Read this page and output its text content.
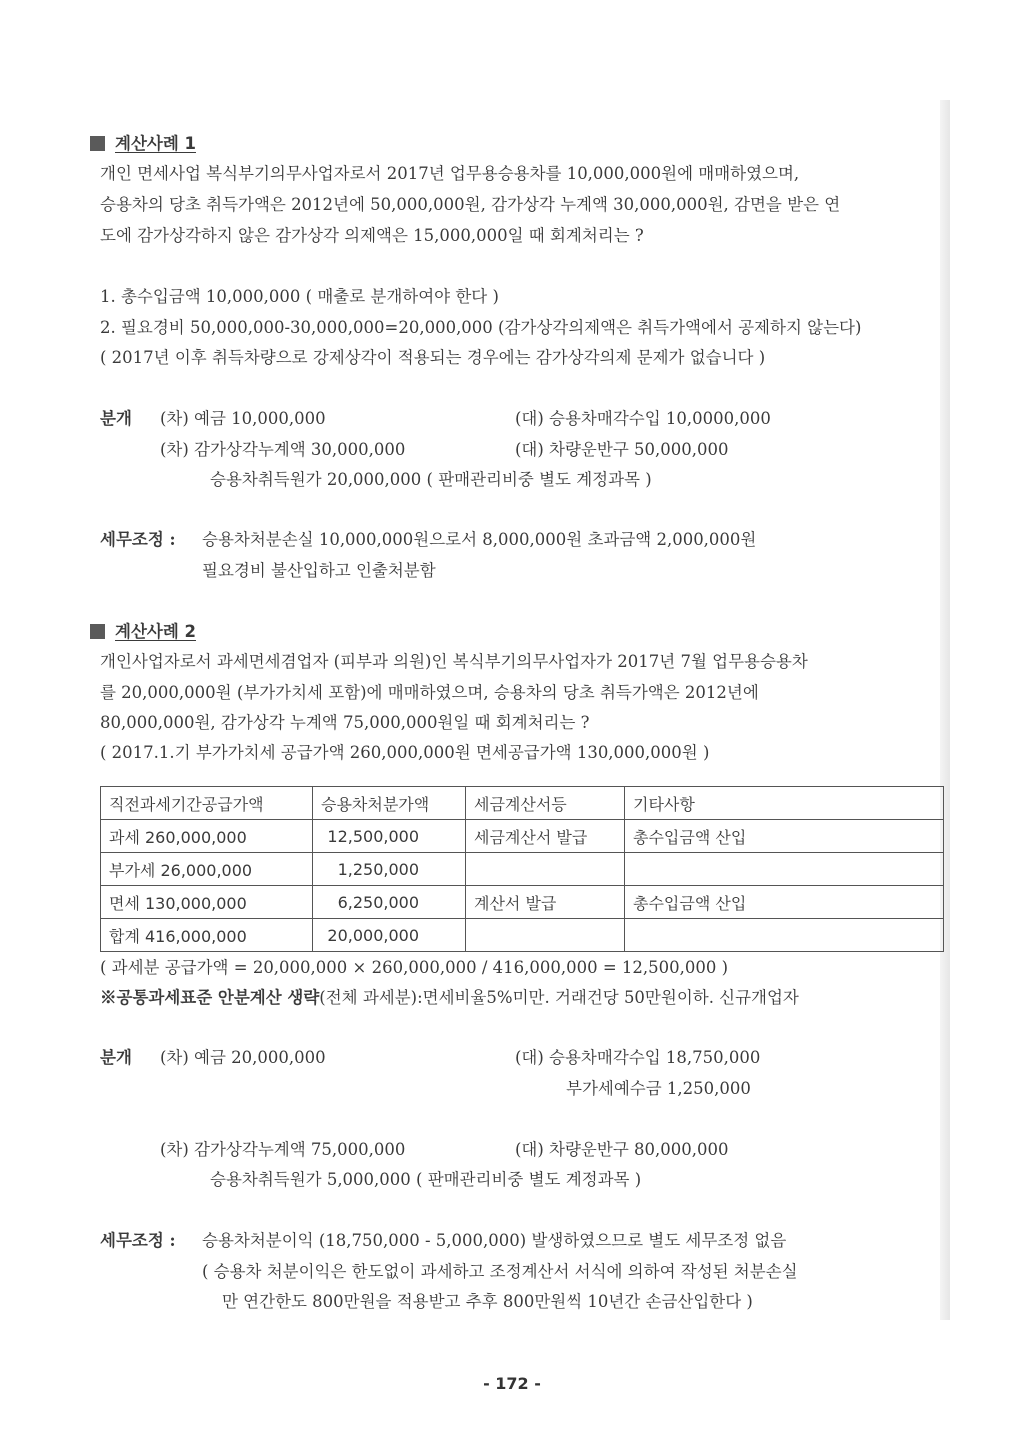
계산사례 1
개인 면세사업 복식부기의무사업자로서 2017년 업무용승용차를 10,000,000원에 매매하였으며,
승용차의 당초 취득가액은 2012년에 50,000,000원, 감가상각 누계액 30,000,000원, 감면을 받은 연
도에 감가상각하지 않은 감가상각 의제액은 15,000,000일 때 회계처리는 ?
1. 총수입금액 10,000,000 ( 매출로 분개하여야 한다 )
2. 필요경비 50,000,000-30,000,000=20,000,000 (감가상각의제액은 취득가액에서 공제하지 않는다)
( 2017년 이후 취득차량으로 강제상각이 적용되는 경우에는 감가상각의제 문제가 없습니다 )
분개 (차) 예금 10,000,000	(대) 승용차매각수입 10,0000,000
(차) 감가상각누계액 30,000,000	(대) 차량운반구 50,000,000
승용차취득원가 20,000,000 ( 판매관리비중 별도 계정과목 )
세무조정 : 승용차처분손실 10,000,000원으로서 8,000,000원 초과금액 2,000,000원
필요경비 불산입하고 인출처분함
계산사례 2
개인사업자로서 과세면세겸업자 (피부과 의원)인 복식부기의무사업자가 2017년 7월 업무용승용차
를 20,000,000원 (부가가치세 포함)에 매매하였으며, 승용차의 당초 취득가액은 2012년에
80,000,000원, 감가상각 누계액 75,000,000원일 때 회계처리는 ?
( 2017.1.기 부가가치세 공급가액 260,000,000원 면세공급가액 130,000,000원 )
직전과세기간공급가액	승용차처분가액	세금계산서등	기타사항
과세 260,000,000	12,500,000	세금계산서 발급	총수입금액 산입
부가세 26,000,000	1,250,000		
면세 130,000,000	6,250,000	계산서 발급	총수입금액 산입
합계 416,000,000	20,000,000		
( 과세분 공급가액 = 20,000,000 × 260,000,000 / 416,000,000 = 12,500,000 )
※공통과세표준 안분계산 생략(전체 과세분):면세비율5%미만. 거래건당 50만원이하. 신규개업자
분개 (차) 예금 20,000,000	(대) 승용차매각수입 18,750,000
부가세예수금 1,250,000
(차) 감가상각누계액 75,000,000	(대) 차량운반구 80,000,000
승용차취득원가 5,000,000 ( 판매관리비중 별도 계정과목 )
세무조정 : 승용차처분이익 (18,750,000 - 5,000,000) 발생하였으므로 별도 세무조정 없음
( 승용차 처분이익은 한도없이 과세하고 조정계산서 서식에 의하여 작성된 처분손실
만 연간한도 800만원을 적용받고 추후 800만원씩 10년간 손금산입한다 )
- 172 -
